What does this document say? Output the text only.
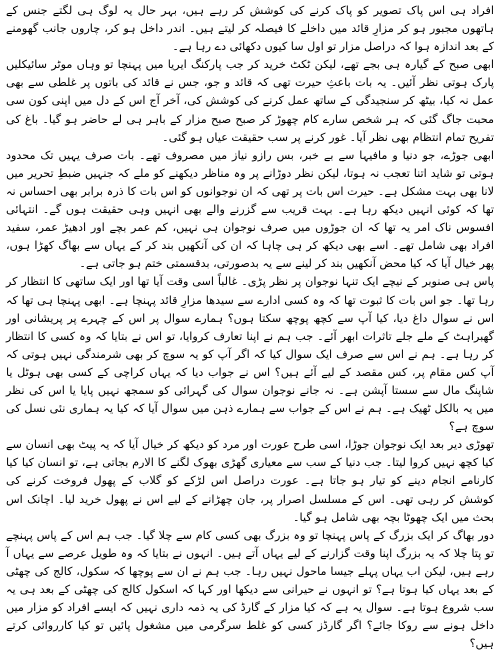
افراد ہی اس پاک تصویر کو پاک کرنے کی کوشش کر رہے ہیں، بہر حال یہ لوگ ہی لگتے جنس کے ہاتھوں مجبور ہو کر مزارِ قائد میں داخلے کا فیصلہ کر لیتے ہیں۔ اندر داخل ہو کر، چاروں جانب گھومنے کے بعد اندازہ ہوا کہ دراصل مزار تو اول سا کیوں دکھائی دے رہا ہے۔

ابھی صبح کے گیارہ ہی بجے تھے، لیکن ٹکٹ خرید کر جب پارکنگ ایریا میں پہنچا تو وہاں موٹر سائیکلیں پارک ہوتی نظر آئیں۔ یہ بات باعثِ حیرت تھی کہ قائد و جو، جس نے قائد کی باتوں پر غلطی سے بھی عمل نہ کیا، بیٹھ کر سنجیدگی کے ساتھ عمل کرنے کی کوشش کی، آخر آج اس کے دل میں اپنی کون سی محبت جاگ گئی کہ ہر شخص سارے کام چھوڑ کر صبح صبح مزار کے باہر ہی لے حاضر ہو گیا۔ باغ کی تفریح تمام انتظام بھی نظر آیا۔ غور کرنے پر سب حقیقت عیاں ہو گئی۔

ابھی جوڑے، جو دنیا و مافیہا سے بے خبر، بس رازو نیاز میں مصروف تھے۔ بات صرف یہیں تک محدود ہوتی تو شاید اتنا تعجب نہ ہوتا، لیکن نظر دوڑانے پر وہ مناظر دیکھنے کو ملے کہ جنہیں ضبطِ تحریر میں لانا بھی بہت مشکل ہے۔ حیرت اس بات پر تھی کہ ان نوجوانوں کو اس بات کا ذرہ برابر بھی احساس نہ تھا کہ کوئی انہیں دیکھ رہا ہے۔ بہت قریب سے گزرنے والے بھی انہیں وہی حقیقت ہوں گے۔ انتہائی افسوس ناک امر یہ تھا کہ ان جوڑوں میں صرف نوجوان ہی نہیں، کم عمر بچے اور ادھیڑ عمر، سفید افراد بھی شامل تھے۔ اسے بھی دیکھ کر ہی چاہا کہ ان کی آنکھیں بند کر کے یہاں سے بھاگ کھڑا ہوں، پھر خیال آیا کہ کیا محض آنکھیں بند کر لینے سے یہ بدصورتی، بدقسمتی ختم ہو جاتی ہے۔

پاس ہی صنوبر کے نیچے ایک تنہا نوجوان پر نظر پڑی۔ غالباً اسی وقت آیا تھا اور ایک ساتھی کا انتظار کر رہا تھا۔ جو اس بات کا ثبوت تھا کہ وہ کسی ادارے سے سیدھا مزارِ قائد پہنچا ہے۔ ابھی پہنچا ہی تھا کہ اس نے سوال داغ دیا، کیا آپ سے کچھ پوچھ سکتا ہوں؟ ہمارے سوال پر اس کے چہرے پر پریشانی اور گھبراہٹ کے ملے جلے تاثرات ابھر آئے۔ جب ہم نے اپنا تعارف کروایا، تو اس نے بتایا کہ وہ کسی کا انتظار کر رہا ہے۔ ہم نے اس سے صرف ایک سوال کیا کہ اگر آپ کو یہ سوچ کر بھی شرمندگی نہیں ہوتی کہ آپ کس مقام پر، کس مقصد کے لیے آئے ہیں؟ اس نے جواب دیا کہ یہاں کراچی کے کسی بھی ہوٹل یا شاپنگ مال سے سستا آپشن ہے۔ نہ جانے نوجوان سوال کی گہرائی کو سمجھ نہیں پایا یا اس کی نظر میں یہ بالکل ٹھیک ہے۔ ہم نے اس کے جواب سے ہمارے ذہن میں سوال آیا کہ کیا یہ ہماری نئی نسل کی سوچ ہے؟

تھوڑی دیر بعد ایک نوجوان جوڑا، اسی طرح عورت اور مرد کو دیکھ کر خیال آیا کہ یہ پیٹ بھی انسان سے کیا کچھ نہیں کروا لیتا۔ جب دنیا کے سب سے معیاری گھڑی بھوک لگنے کا الارم بجاتی ہے، تو انسان کیا کیا کارنامے انجام دینے کو تیار ہو جاتا ہے۔ عورت دراصل اس لڑکے کو گلاب کے پھول فروخت کرنے کی کوشش کر رہی تھی۔ اس کے مسلسل اصرار پر، جان چھڑانے کے لیے اس نے پھول خرید لیا۔ اچانک اس بحث میں ایک چھوٹا بچہ بھی شامل ہو گیا۔

دور بھاگ کر ایک بزرگ کے پاس پہنچا تو وہ بزرگ بھی کسی کام سے چلا گیا۔ جب ہم اس کے پاس پہنچے تو پتا چلا کہ یہ بزرگ اپنا وقت گزارنے کے لیے یہاں آتے ہیں۔ انہوں نے بتایا کہ وہ طویل عرصے سے یہاں آ رہے ہیں، لیکن اب یہاں پہلے جیسا ماحول نہیں رہا۔ جب ہم نے ان سے پوچھا کہ سکول، کالج کی چھٹی کے بعد یہاں کیا ہوتا ہے؟ تو انہوں نے حیرانی سے دیکھا اور کہا کہ اسکول کالج کی چھٹی کے بعد ہی یہ سب شروع ہوتا ہے۔ سوال یہ ہے کہ کیا مزار کے گارڈ کی یہ ذمہ داری نہیں کہ ایسے افراد کو مزار میں داخل ہونے سے روکا جائے؟ اگر گارڈز کسی کو غلط سرگرمی میں مشغول پائیں تو کیا کارروائی کرتے ہیں؟
